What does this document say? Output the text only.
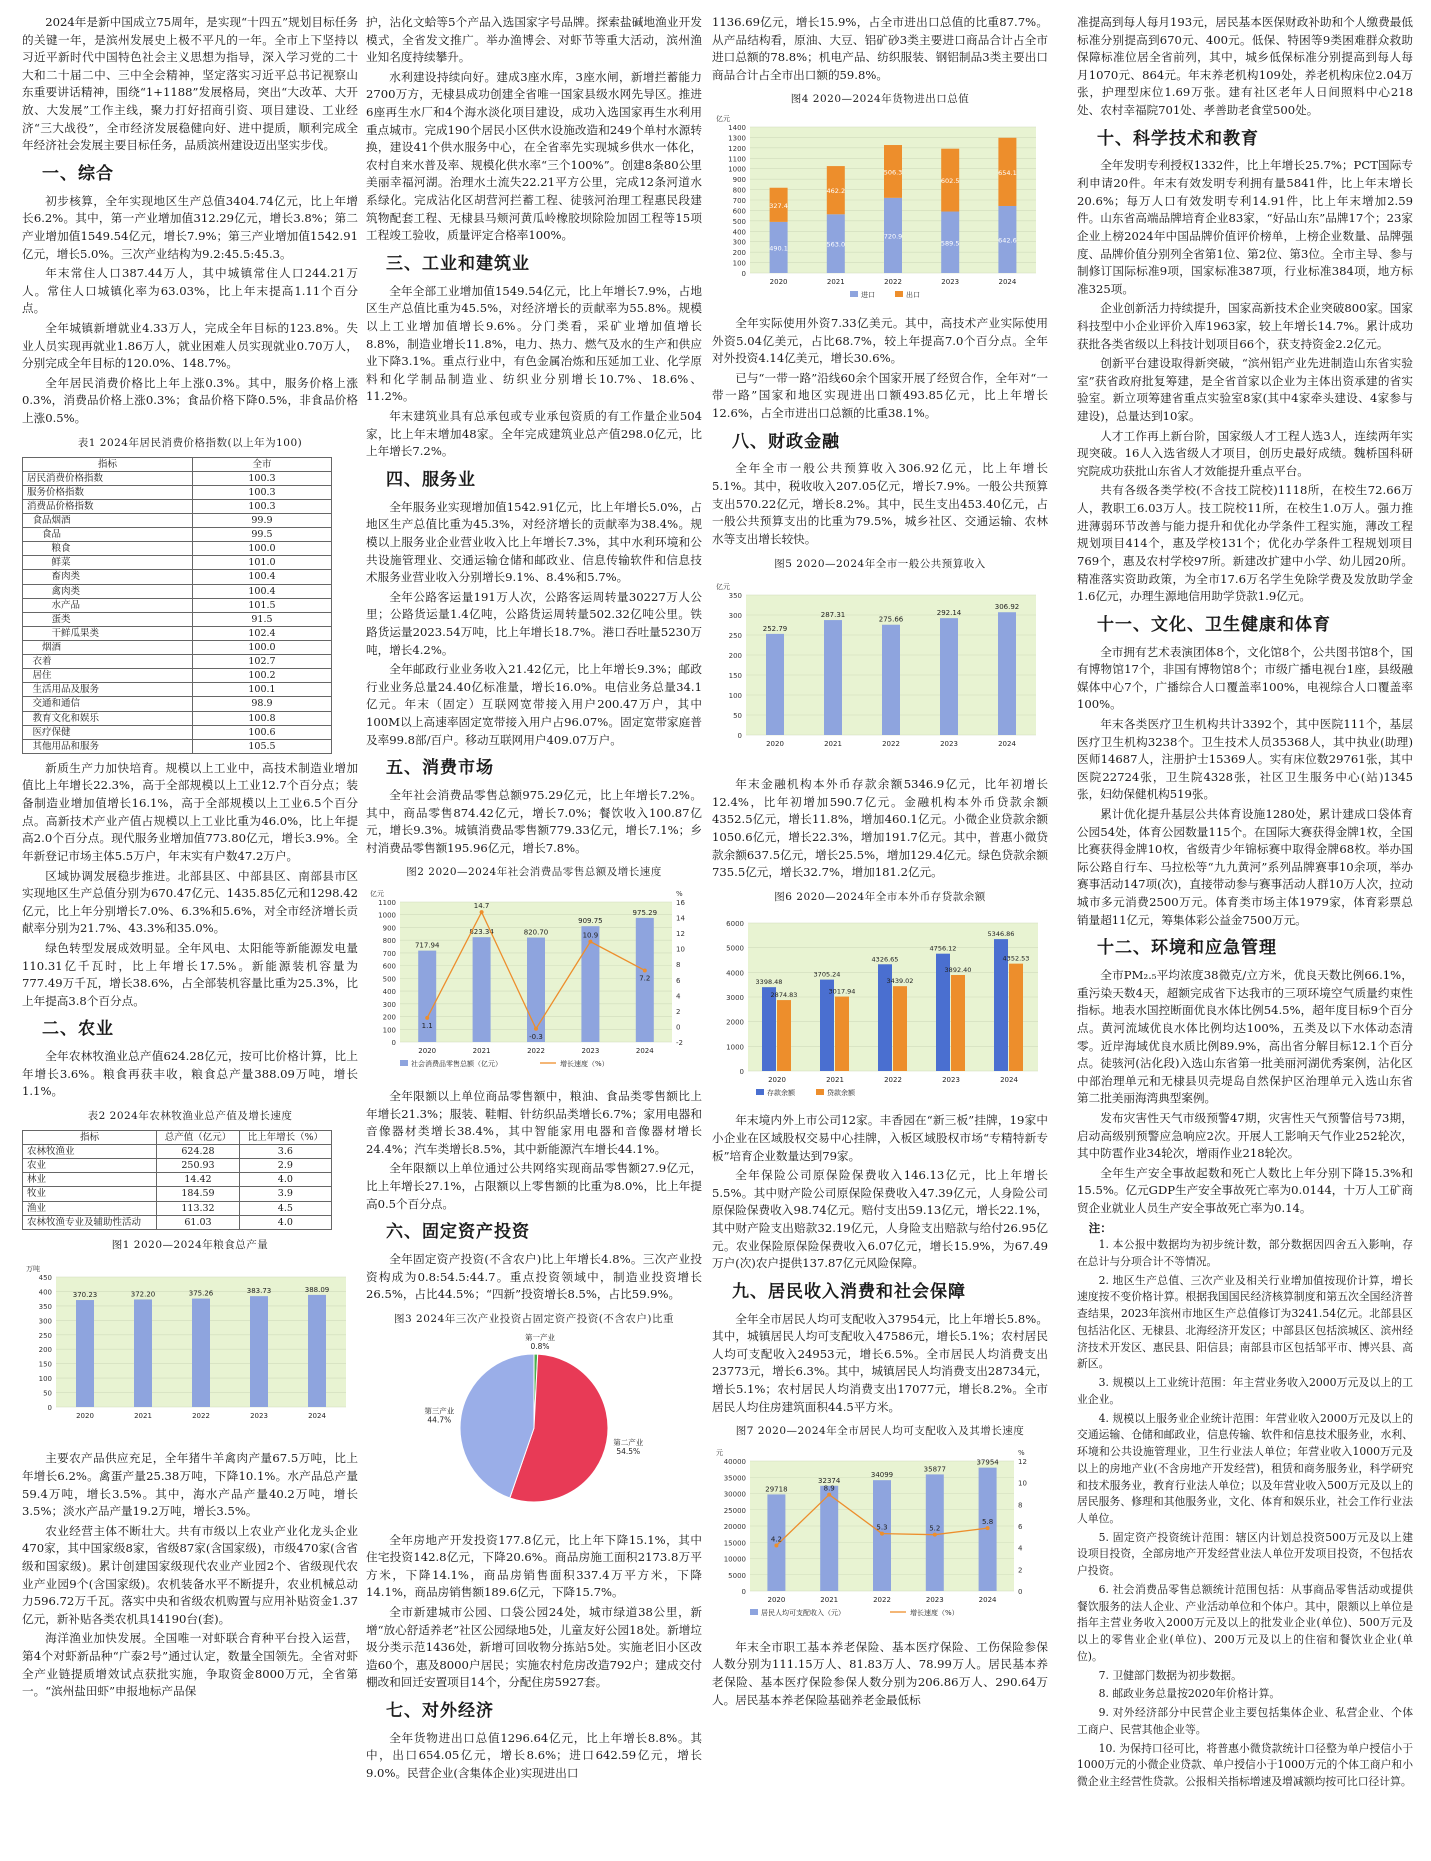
2024年是新中国成立75周年，是实现“十四五”规划目标任务的关键一年，是滨州发展史上极不平凡的一年。全市上下坚持以习近平新时代中国特色社会主义思想为指导，深入学习党的二十大和二十届二中、三中全会精神，坚定落实习近平总书记视察山东重要讲话精神，围绕“1+1188”发展格局，突出“大改革、大开放、大发展”工作主线，聚力打好招商引资、项目建设、工业经济“三大战役”，全市经济发展稳健向好、进中提质，顺利完成全年经济社会发展主要目标任务，品质滨州建设迈出坚实步伐。

一、综合

初步核算，全年实现地区生产总值3404.74亿元，比上年增长6.2%。其中，第一产业增加值312.29亿元，增长3.8%；第二产业增加值1549.54亿元，增长7.9%；第三产业增加值1542.91亿元，增长5.0%。三次产业结构为9.2:45.5:45.3。

年末常住人口387.44万人，其中城镇常住人口244.21万人。常住人口城镇化率为63.03%，比上年末提高1.11个百分点。

全年城镇新增就业4.33万人，完成全年目标的123.8%。失业人员实现再就业1.86万人，就业困难人员实现就业0.70万人，分别完成全年目标的120.0%、148.7%。

全年居民消费价格比上年上涨0.3%。其中，服务价格上涨0.3%，消费品价格上涨0.3%；食品价格下降0.5%，非食品价格上涨0.5%。

表1 2024年居民消费价格指数(以上年为100)
指标	全市
居民消费价格指数	100.3
服务价格指数	100.3
消费品价格指数	100.3
食品烟酒	99.9
食品	99.5
粮食	100.0
鲜菜	101.0
畜肉类	100.4
禽肉类	100.4
水产品	101.5
蛋类	91.5
干鲜瓜果类	102.4
烟酒	100.0
衣着	102.7
居住	100.2
生活用品及服务	100.1
交通和通信	98.9
教育文化和娱乐	100.8
医疗保健	100.6
其他用品和服务	105.5

新质生产力加快培育。规模以上工业中，高技术制造业增加值比上年增长22.3%，高于全部规模以上工业12.7个百分点；装备制造业增加值增长16.1%，高于全部规模以上工业6.5个百分点。高新技术产业产值占规模以上工业比重为46.0%，比上年提高2.0个百分点。现代服务业增加值773.80亿元，增长3.9%。全年新登记市场主体5.5万户，年末实有户数47.2万户。

区域协调发展稳步推进。北部县区、中部县区、南部县市区实现地区生产总值分别为670.47亿元、1435.85亿元和1298.42亿元，比上年分别增长7.0%、6.3%和5.6%，对全市经济增长贡献率分别为21.7%、43.3%和35.0%。

绿色转型发展成效明显。全年风电、太阳能等新能源发电量110.31亿千瓦时，比上年增长17.5%。新能源装机容量为777.49万千瓦，增长38.6%，占全部装机容量比重为25.3%，比上年提高3.8个百分点。

二、农业

全年农林牧渔业总产值624.28亿元，按可比价格计算，比上年增长3.6%。粮食再获丰收，粮食总产量388.09万吨，增长1.1%。

表2 2024年农林牧渔业总产值及增长速度
指标	总产值（亿元）	比上年增长（%）
农林牧渔业	624.28	3.6
农业	250.93	2.9
林业	14.42	4.0
牧业	184.59	3.9
渔业	113.32	4.5
农林牧渔专业及辅助性活动	61.03	4.0
图1 2020—2024年粮食总产量
0
50
100
150
200
250
300
350
400
450
万吨
370.23
2020
372.20
2021
375.26
2022
383.73
2023
388.09
2024

主要农产品供应充足，全年猪牛羊禽肉产量67.5万吨，比上年增长6.2%。禽蛋产量25.38万吨，下降10.1%。水产品总产量59.4万吨，增长3.5%。其中，海水产品产量40.2万吨，增长3.5%；淡水产品产量19.2万吨，增长3.5%。

农业经营主体不断壮大。共有市级以上农业产业化龙头企业470家，其中国家级8家，省级87家(含国家级)，市级470家(含省级和国家级)。累计创建国家级现代农业产业园2个、省级现代农业产业园9个(含国家级)。农机装备水平不断提升，农业机械总动力596.72万千瓦。落实中央和省级农机购置与应用补贴资金1.37亿元，新补贴各类农机具14190台(套)。

海洋渔业加快发展。全国唯一对虾联合育种平台投入运营，第4个对虾新品种“广泰2号”通过认定，数量全国领先。全省对虾全产业链提质增效试点获批实施，争取资金8000万元，全省第一。“滨州盐田虾”申报地标产品保

护，沾化文蛤等5个产品入选国家字号品牌。探索盐碱地渔业开发模式，全省发文推广。举办渔博会、对虾节等重大活动，滨州渔业知名度持续攀升。

水利建设持续向好。建成3座水库，3座水闸，新增拦蓄能力2700万方，无棣县成功创建全省唯一国家县级水网先导区。推进6座再生水厂和4个海水淡化项目建设，成功入选国家再生水利用重点城市。完成190个居民小区供水设施改造和249个单村水源转换，建设41个供水服务中心，在全省率先实现城乡供水一体化，农村自来水普及率、规模化供水率“三个100%”。创建8条80公里美丽幸福河湖。治理水土流失22.21平方公里，完成12条河道水系绿化。完成沾化区胡营河拦蓄工程、徒骇河治理工程惠民段建筑物配套工程、无棣县马颊河黄瓜岭橡胶坝除险加固工程等15项工程竣工验收，质量评定合格率100%。

三、工业和建筑业

全年全部工业增加值1549.54亿元，比上年增长7.9%，占地区生产总值比重为45.5%，对经济增长的贡献率为55.8%。规模以上工业增加值增长9.6%。分门类看，采矿业增加值增长8.8%，制造业增长11.8%，电力、热力、燃气及水的生产和供应业下降3.1%。重点行业中，有色金属冶炼和压延加工业、化学原料和化学制品制造业、纺织业分别增长10.7%、18.6%、11.2%。

年末建筑业具有总承包或专业承包资质的有工作量企业504家，比上年末增加48家。全年完成建筑业总产值298.0亿元，比上年增长7.2%。

四、服务业

全年服务业实现增加值1542.91亿元，比上年增长5.0%，占地区生产总值比重为45.3%，对经济增长的贡献率为38.4%。规模以上服务业企业营业收入比上年增长7.3%，其中水利环境和公共设施管理业、交通运输仓储和邮政业、信息传输软件和信息技术服务业营业收入分别增长9.1%、8.4%和5.7%。

全年公路客运量191万人次，公路客运周转量30227万人公里；公路货运量1.4亿吨，公路货运周转量502.32亿吨公里。铁路货运量2023.54万吨，比上年增长18.7%。港口吞吐量5230万吨，增长4.2%。

全年邮政行业业务收入21.42亿元，比上年增长9.3%；邮政行业业务总量24.40亿标准量，增长16.0%。电信业务总量34.1亿元。年末（固定）互联网宽带接入用户200.47万户，其中100M以上高速率固定宽带接入用户占96.07%。固定宽带家庭普及率99.8部/百户。移动互联网用户409.07万户。

五、消费市场

全年社会消费品零售总额975.29亿元，比上年增长7.2%。其中，商品零售874.42亿元，增长7.0%；餐饮收入100.87亿元，增长9.3%。城镇消费品零售额779.33亿元，增长7.1%；乡村消费品零售额195.96亿元，增长7.8%。

图2 2020—2024年社会消费品零售总额及增长速度
0
100
200
300
400
500
600
700
800
900
1000
1100
亿元
-2
0
2
4
6
8
10
12
14
16
%
717.94
2020
823.34
2021
820.70
2022
909.75
2023
975.29
2024
1.1
14.7
-0.3
10.9
7.2
社会消费品零售总额（亿元）	增长速度（%）

全年限额以上单位商品零售额中，粮油、食品类零售额比上年增长21.3%；服装、鞋帽、针纺织品类增长6.7%；家用电器和音像器材类增长38.4%，其中智能家用电器和音像器材增长24.4%；汽车类增长8.5%，其中新能源汽车增长44.1%。

全年限额以上单位通过公共网络实现商品零售额27.9亿元，比上年增长27.1%，占限额以上零售额的比重为8.0%，比上年提高0.5个百分点。

六、固定资产投资

全年固定资产投资(不含农户)比上年增长4.8%。三次产业投资构成为0.8:54.5:44.7。重点投资领域中，制造业投资增长26.5%，占比44.5%；“四新”投资增长8.5%，占比59.9%。

图3 2024年三次产业投资占固定资产投资(不含农户)比重
第一产业
0.8%
第二产业
54.5%
第三产业
44.7%

全年房地产开发投资177.8亿元，比上年下降15.1%，其中住宅投资142.8亿元，下降20.6%。商品房施工面积2173.8万平方米，下降14.1%，商品房销售面积337.4万平方米，下降14.1%，商品房销售额189.6亿元，下降15.7%。

全市新建城市公园、口袋公园24处，城市绿道38公里，新增“放心舒适养老”社区公园绿地5处，儿童友好公园18处。新增垃圾分类示范1436处，新增可回收物分拣站5处。实施老旧小区改造60个，惠及8000户居民；实施农村危房改造792户；建成交付棚改和回迁安置项目14个，分配住房5927套。

七、对外经济

全年货物进出口总值1296.64亿元，比上年增长8.8%。其中，出口654.05亿元，增长8.6%；进口642.59亿元，增长9.0%。民营企业(含集体企业)实现进出口

1136.69亿元，增长15.9%，占全市进出口总值的比重87.7%。从产品结构看，原油、大豆、铝矿砂3类主要进口商品合计占全市进口总额的78.8%；机电产品、纺织服装、钢铝制品3类主要出口商品合计占全市出口额的59.8%。

图4 2020—2024年货物进出口总值
0
100
200
300
400
500
600
700
800
900
1000
1100
1200
1300
1400
亿元
490.1
327.4
2020
563.0
462.2
2021
720.9
506.3
2022
589.5
602.5
2023
642.6
654.1
2024
进口	出口

全年实际使用外资7.33亿美元。其中，高技术产业实际使用外资5.04亿美元，占比68.7%，较上年提高7.0个百分点。全年对外投资4.14亿美元，增长30.6%。

已与“一带一路”沿线60余个国家开展了经贸合作，全年对“一带一路”国家和地区实现进出口额493.85亿元，比上年增长12.6%，占全市进出口总额的比重38.1%。

八、财政金融

全年全市一般公共预算收入306.92亿元，比上年增长5.1%。其中，税收收入207.05亿元，增长7.9%。一般公共预算支出570.22亿元，增长8.2%。其中，民生支出453.40亿元，占一般公共预算支出的比重为79.5%，城乡社区、交通运输、农林水等支出增长较快。

图5 2020—2024年全市一般公共预算收入
0
50
100
150
200
250
300
350
亿元
252.79
2020
287.31
2021
275.66
2022
292.14
2023
306.92
2024

年末金融机构本外币存款余额5346.9亿元，比年初增长12.4%，比年初增加590.7亿元。金融机构本外币贷款余额4352.5亿元，增长11.8%，增加460.1亿元。小微企业贷款余额1050.6亿元，增长22.3%，增加191.7亿元。其中，普惠小微贷款余额637.5亿元，增长25.5%，增加129.4亿元。绿色贷款余额735.5亿元，增长32.7%，增加181.2亿元。

图6 2020—2024年全市本外币存贷款余额
0
1000
2000
3000
4000
5000
6000
3398.48
2874.83
2020
3705.24
3017.94
2021
4326.65
3439.02
2022
4756.12
3892.40
2023
5346.86
4352.53
2024
存款余额	贷款余额

年末境内外上市公司12家。丰香园在“新三板”挂牌，19家中小企业在区域股权交易中心挂牌，入板区域股权市场“专精特新专板”培育企业数量达到79家。

全年保险公司原保险保费收入146.13亿元，比上年增长5.5%。其中财产险公司原保险保费收入47.39亿元，人身险公司原保险保费收入98.74亿元。赔付支出59.13亿元，增长22.1%，其中财产险支出赔款32.19亿元，人身险支出赔款与给付26.95亿元。农业保险原保险保费收入6.07亿元，增长15.9%，为67.49万户(次)农户提供137.87亿元风险保障。

九、居民收入消费和社会保障

全年全市居民人均可支配收入37954元，比上年增长5.8%。其中，城镇居民人均可支配收入47586元，增长5.1%；农村居民人均可支配收入24953元，增长6.5%。全市居民人均消费支出23773元，增长6.3%。其中，城镇居民人均消费支出28734元，增长5.1%；农村居民人均消费支出17077元，增长8.2%。全市居民人均住房建筑面积44.5平方米。

图7 2020—2024年全市居民人均可支配收入及其增长速度
0
5000
10000
15000
20000
25000
30000
35000
40000
元
0
2
4
6
8
10
12
%
29718
2020
32374
2021
34099
2022
35877
2023
37954
2024
4.2
8.9
5.3	5.2
5.8
居民人均可支配收入（元）	增长速度（%）

年末全市职工基本养老保险、基本医疗保险、工伤保险参保人数分别为111.15万人、81.83万人、78.99万人。居民基本养老保险、基本医疗保险参保人数分别为206.86万人、290.64万人。居民基本养老保险基础养老金最低标

准提高到每人每月193元，居民基本医保财政补助和个人缴费最低标准分别提高到670元、400元。低保、特困等9类困难群众救助保障标准位居全省前列，其中，城乡低保标准分别提高到每人每月1070元、864元。年末养老机构109处，养老机构床位2.04万张，护理型床位1.69万张。建有社区老年人日间照料中心218处、农村幸福院701处、孝善助老食堂500处。

十、科学技术和教育

全年发明专利授权1332件，比上年增长25.7%；PCT国际专利申请20件。年末有效发明专利拥有量5841件，比上年末增长20.6%；每万人口有效发明专利14.91件，比上年末增加2.59件。山东省高端品牌培育企业83家，“好品山东”品牌17个；23家企业上榜2024年中国品牌价值评价榜单，上榜企业数量、品牌强度、品牌价值分别列全省第1位、第2位、第3位。全市主导、参与制修订国际标准9项，国家标准387项，行业标准384项，地方标准325项。

企业创新活力持续提升，国家高新技术企业突破800家。国家科技型中小企业评价入库1963家，较上年增长14.7%。累计成功获批各类省级以上科技计划项目66个，获支持资金2.2亿元。

创新平台建设取得新突破，“滨州铝产业先进制造山东省实验室”获省政府批复筹建，是全省首家以企业为主体出资承建的省实验室。新立项筹建省重点实验室8家(其中4家牵头建设、4家参与建设)，总量达到10家。

人才工作再上新台阶，国家级人才工程人选3人，连续两年实现突破。16人入选省级人才项目，创历史最好成绩。魏桥国科研究院成功获批山东省人才效能提升重点平台。

共有各级各类学校(不含技工院校)1118所，在校生72.66万人，教职工6.03万人。技工院校11所，在校生1.0万人。强力推进薄弱环节改善与能力提升和优化办学条件工程实施，薄改工程规划项目414个，惠及学校131个；优化办学条件工程规划项目769个，惠及农村学校97所。新建改扩建中小学、幼儿园20所。精准落实资助政策，为全市17.6万名学生免除学费及发放助学金1.6亿元，办理生源地信用助学贷款1.9亿元。

十一、文化、卫生健康和体育

全市拥有艺术表演团体8个，文化馆8个，公共图书馆8个，国有博物馆17个，非国有博物馆8个；市级广播电视台1座，县级融媒体中心7个，广播综合人口覆盖率100%，电视综合人口覆盖率100%。

年末各类医疗卫生机构共计3392个，其中医院111个，基层医疗卫生机构3238个。卫生技术人员35368人，其中执业(助理)医师14687人，注册护士15369人。实有床位数29761张，其中医院22724张，卫生院4328张，社区卫生服务中心(站)1345张，妇幼保健机构519张。

累计优化提升基层公共体育设施1280处，累计建成口袋体育公园54处，体育公园数量115个。在国际大赛获得金牌1枚，全国比赛获得金牌10枚，省级青少年锦标赛中取得金牌68枚。举办国际公路自行车、马拉松等“九九黄河”系列品牌赛事10余项，举办赛事活动147项(次)，直接带动参与赛事活动人群10万人次，拉动城市多元消费2500万元。体育类市场主体1979家，体育彩票总销量超11亿元，筹集体彩公益金7500万元。

十二、环境和应急管理

全市PM₂.₅平均浓度38微克/立方米，优良天数比例66.1%，重污染天数4天，超额完成省下达我市的三项环境空气质量约束性指标。地表水国控断面优良水体比例54.5%，超年度目标9个百分点。黄河流域优良水体比例均达100%，五类及以下水体动态清零。近岸海域优良水质比例89.9%，高出省分解目标12.1个百分点。徒骇河(沾化段)入选山东省第一批美丽河湖优秀案例，沾化区中部治理单元和无棣县贝壳堤岛自然保护区治理单元入选山东省第二批美丽海湾典型案例。

发布灾害性天气市级预警47期，灾害性天气预警信号73期，启动高级别预警应急响应2次。开展人工影响天气作业252轮次，其中防雹作业34轮次，增雨作业218轮次。

全年生产安全事故起数和死亡人数比上年分别下降15.3%和15.5%。亿元GDP生产安全事故死亡率为0.0144，十万人工矿商贸企业就业人员生产安全事故死亡率为0.14。

注：

1. 本公报中数据均为初步统计数，部分数据因四舍五入影响，存在总计与分项合计不等情况。

2. 地区生产总值、三次产业及相关行业增加值按现价计算，增长速度按不变价格计算。根据我国国民经济核算制度和第五次全国经济普查结果，2023年滨州市地区生产总值修订为3241.54亿元。北部县区包括沾化区、无棣县、北海经济开发区；中部县区包括滨城区、滨州经济技术开发区、惠民县、阳信县；南部县市区包括邹平市、博兴县、高新区。

3. 规模以上工业统计范围：年主营业务收入2000万元及以上的工业企业。

4. 规模以上服务业企业统计范围：年营业收入2000万元及以上的交通运输、仓储和邮政业，信息传输、软件和信息技术服务业，水利、环境和公共设施管理业，卫生行业法人单位；年营业收入1000万元及以上的房地产业(不含房地产开发经营)，租赁和商务服务业，科学研究和技术服务业，教育行业法人单位；以及年营业收入500万元及以上的居民服务、修理和其他服务业，文化、体育和娱乐业，社会工作行业法人单位。

5. 固定资产投资统计范围：辖区内计划总投资500万元及以上建设项目投资，全部房地产开发经营业法人单位开发项目投资，不包括农户投资。

6. 社会消费品零售总额统计范围包括：从事商品零售活动或提供餐饮服务的法人企业、产业活动单位和个体户。其中，限额以上单位是指年主营业务收入2000万元及以上的批发业企业(单位)、500万元及以上的零售业企业(单位)、200万元及以上的住宿和餐饮业企业(单位)。

7. 卫健部门数据为初步数据。

8. 邮政业务总量按2020年价格计算。

9. 对外经济部分中民营企业主要包括集体企业、私营企业、个体工商户、民营其他企业等。

10. 为保持口径可比，将普惠小微贷款统计口径整为单户授信小于1000万元的小微企业贷款、单户授信小于1000万元的个体工商户和小微企业主经营性贷款。公报相关指标增速及增减额均按可比口径计算。
